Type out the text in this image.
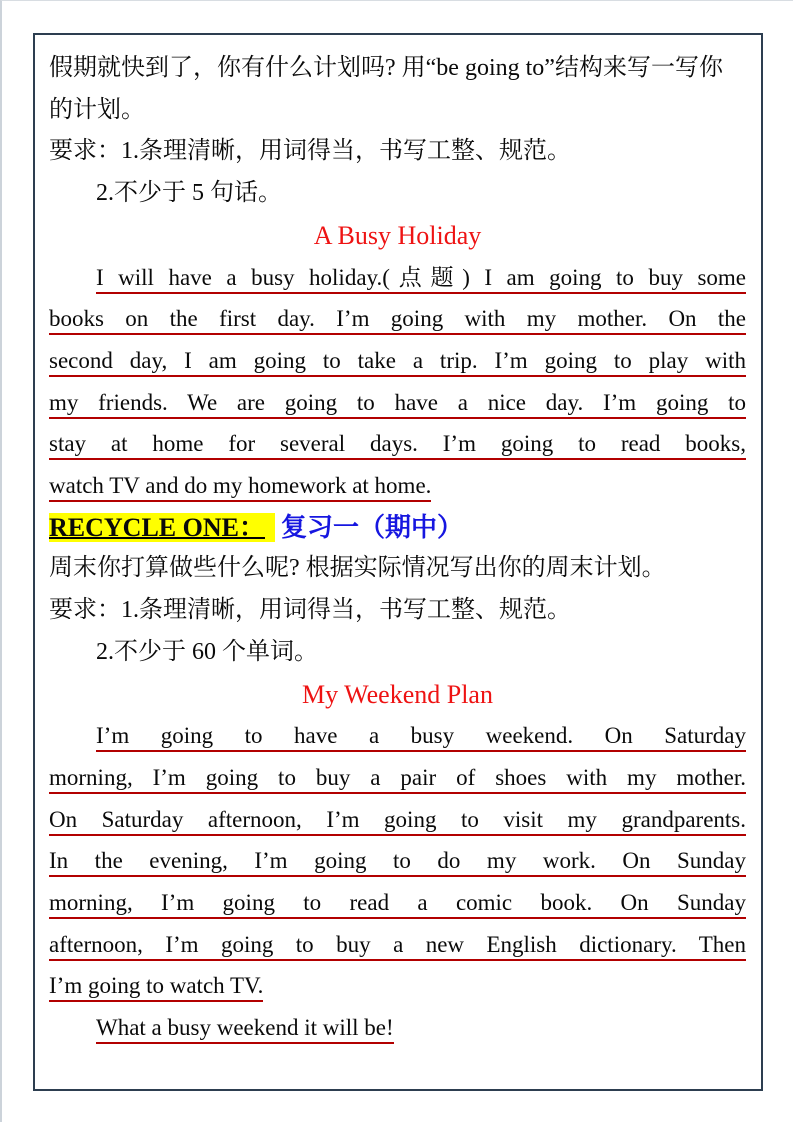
假期就快到了，你有什么计划吗? 用“be going to”结构来写一写你的计划。

要求：1.条理清晰，用词得当，书写工整、规范。
2.不少于 5 句话。
A Busy Holiday
I will have a busy holiday.(点题) I am going to buy some
books on the first day. I’m going with my mother. On the
second day, I am going to take a trip. I’m going to play with
my friends. We are going to have a nice day. I’m going to
stay at home for several days. I’m going to read books,
watch TV and do my homework at home.
RECYCLE ONE： 复习一（期中）
周末你打算做些什么呢? 根据实际情况写出你的周末计划。
要求：1.条理清晰，用词得当，书写工整、规范。
2.不少于 60 个单词。
My Weekend Plan
I’m going to have a busy weekend. On Saturday
morning, I’m going to buy a pair of shoes with my mother.
On Saturday afternoon, I’m going to visit my grandparents.
In the evening, I’m going to do my work. On Sunday
morning, I’m going to read a comic book. On Sunday
afternoon, I’m going to buy a new English dictionary. Then
I’m going to watch TV.
What a busy weekend it will be!
